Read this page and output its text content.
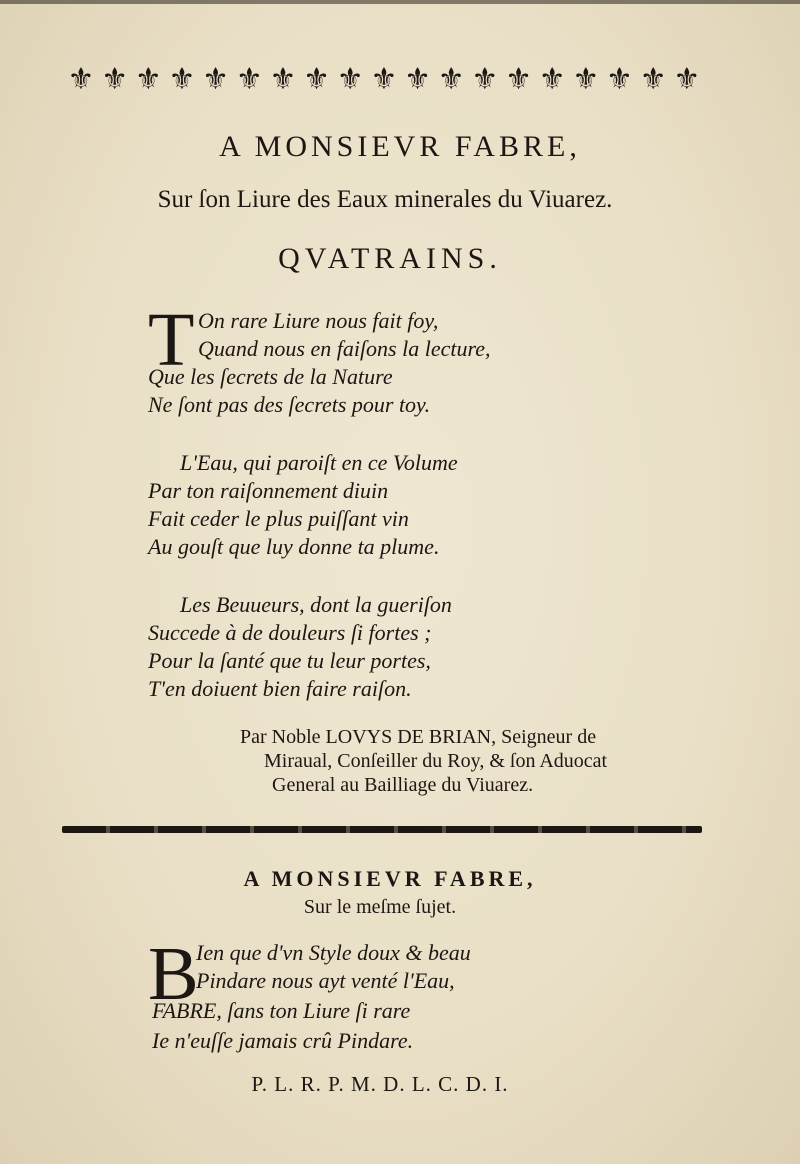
⚜ ⚜ ⚜ ⚜ ⚜ ⚜ ⚜ ⚜ ⚜ ⚜ ⚜ ⚜ ⚜ ⚜ ⚜ ⚜ ⚜ ⚜ ⚜
A MONSIEVR FABRE,
Sur ſon Liure des Eaux minerales du Viuarez.
QVATRAINS.
T On rare Liure nous fait foy,
Quand nous en faiſons la lecture,
Que les ſecrets de la Nature
Ne ſont pas des ſecrets pour toy.
L'Eau, qui paroiſt en ce Volume
Par ton raiſonnement diuin
Fait ceder le plus puiſſant vin
Au gouſt que luy donne ta plume.
Les Beuueurs, dont la gueriſon
Succede à de douleurs ſi fortes ;
Pour la ſanté que tu leur portes,
T'en doiuent bien faire raiſon.
Par Noble LOVYS DE BRIAN, Seigneur de
Miraual, Conſeiller du Roy, & ſon Aduocat
General au Bailliage du Viuarez.
A MONSIEVR FABRE,
Sur le meſme ſujet.
B
Ien que d'vn Style doux & beau
Pindare nous ayt venté l'Eau,
FABRE, ſans ton Liure ſi rare
Ie n'euſſe jamais crû Pindare.
P. L. R. P. M. D. L. C. D. I.
